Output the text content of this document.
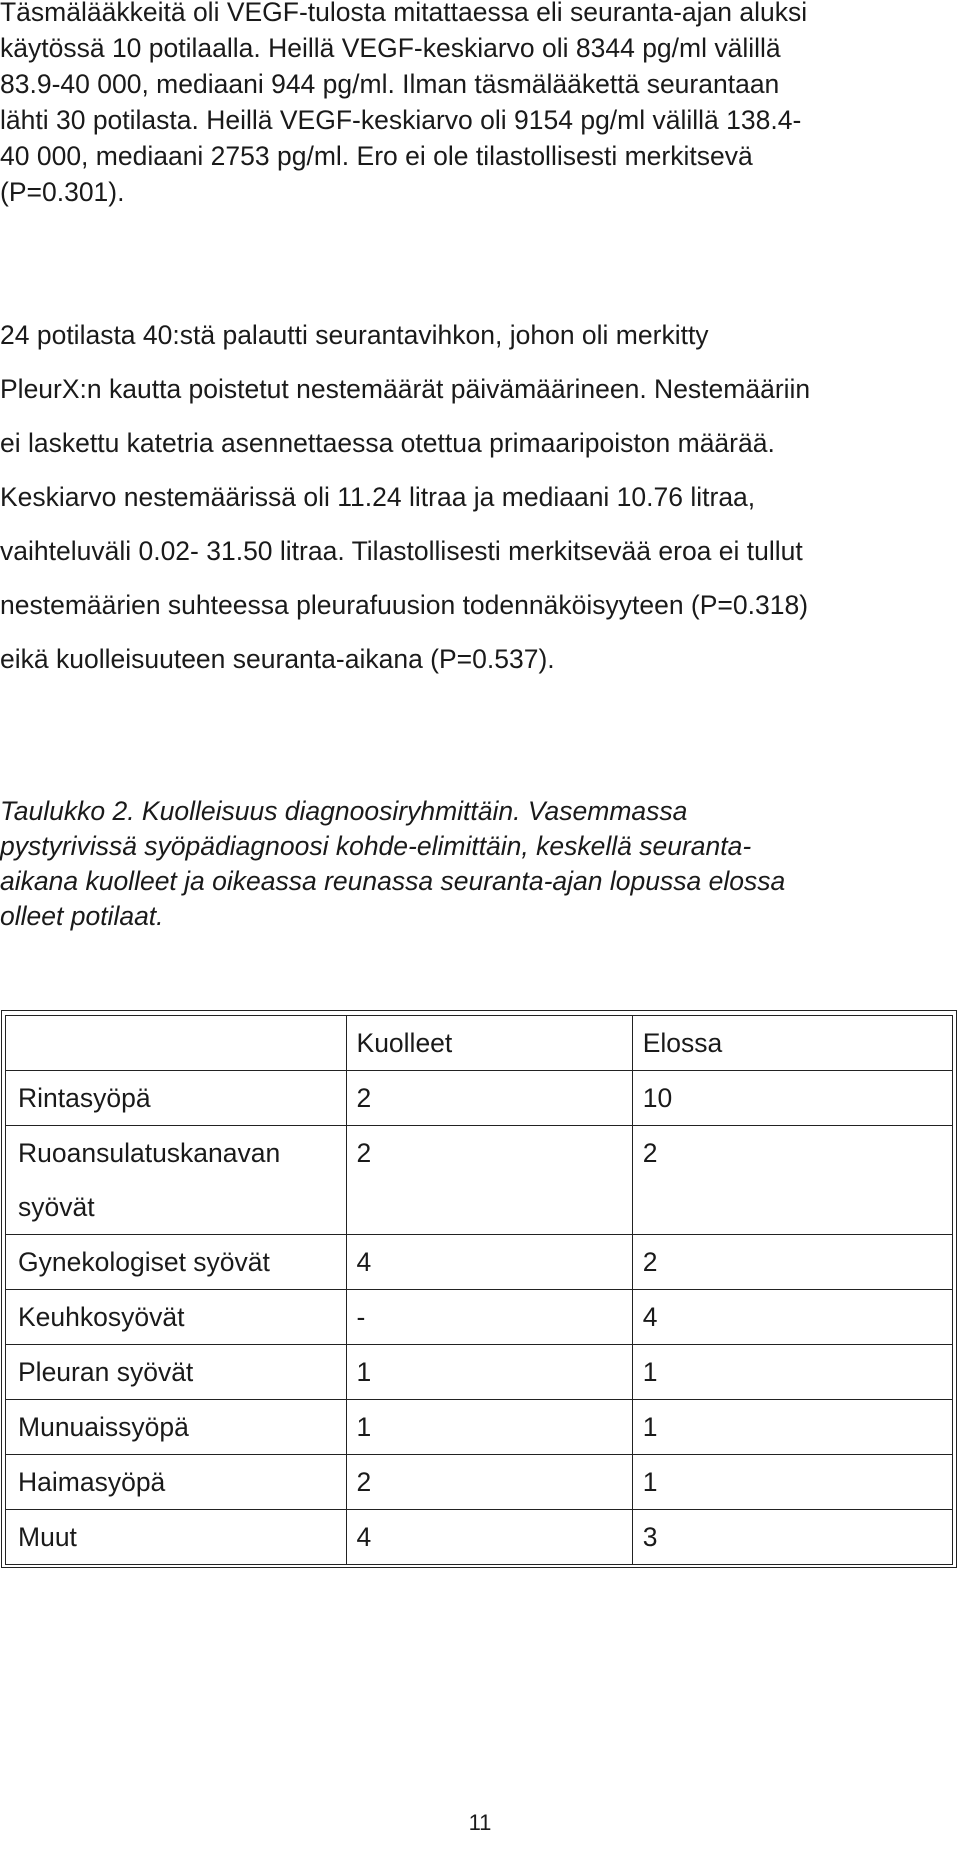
Täsmälääkkeitä oli VEGF-tulosta mitattaessa eli seuranta-ajan aluksi
käytössä 10 potilaalla. Heillä VEGF-keskiarvo oli 8344 pg/ml välillä
83.9-40 000, mediaani 944 pg/ml. Ilman täsmälääkettä seurantaan
lähti 30 potilasta. Heillä VEGF-keskiarvo oli 9154 pg/ml välillä 138.4-
40 000, mediaani 2753 pg/ml. Ero ei ole tilastollisesti merkitsevä
(P=0.301).

24 potilasta 40:stä palautti seurantavihkon, johon oli merkitty
PleurX:n kautta poistetut nestemäärät päivämäärineen. Nestemääriin
ei laskettu katetria asennettaessa otettua primaaripoiston määrää.
Keskiarvo nestemäärissä oli 11.24 litraa ja mediaani 10.76 litraa,
vaihteluväli 0.02- 31.50 litraa. Tilastollisesti merkitsevää eroa ei tullut
nestemäärien suhteessa pleurafuusion todennäköisyyteen (P=0.318)
eikä kuolleisuuteen seuranta-aikana (P=0.537).

Taulukko 2. Kuolleisuus diagnoosiryhmittäin. Vasemmassa
pystyrivissä syöpädiagnoosi kohde-elimittäin, keskellä seuranta-
aikana kuolleet ja oikeassa reunassa seuranta-ajan lopussa elossa
olleet potilaat.

	Kuolleet	Elossa
Rintasyöpä	2	10
Ruoansulatuskanavan
syövät	2	2
Gynekologiset syövät	4	2
Keuhkosyövät	-	4
Pleuran syövät	1	1
Munuaissyöpä	1	1
Haimasyöpä	2	1
Muut	4	3
11
